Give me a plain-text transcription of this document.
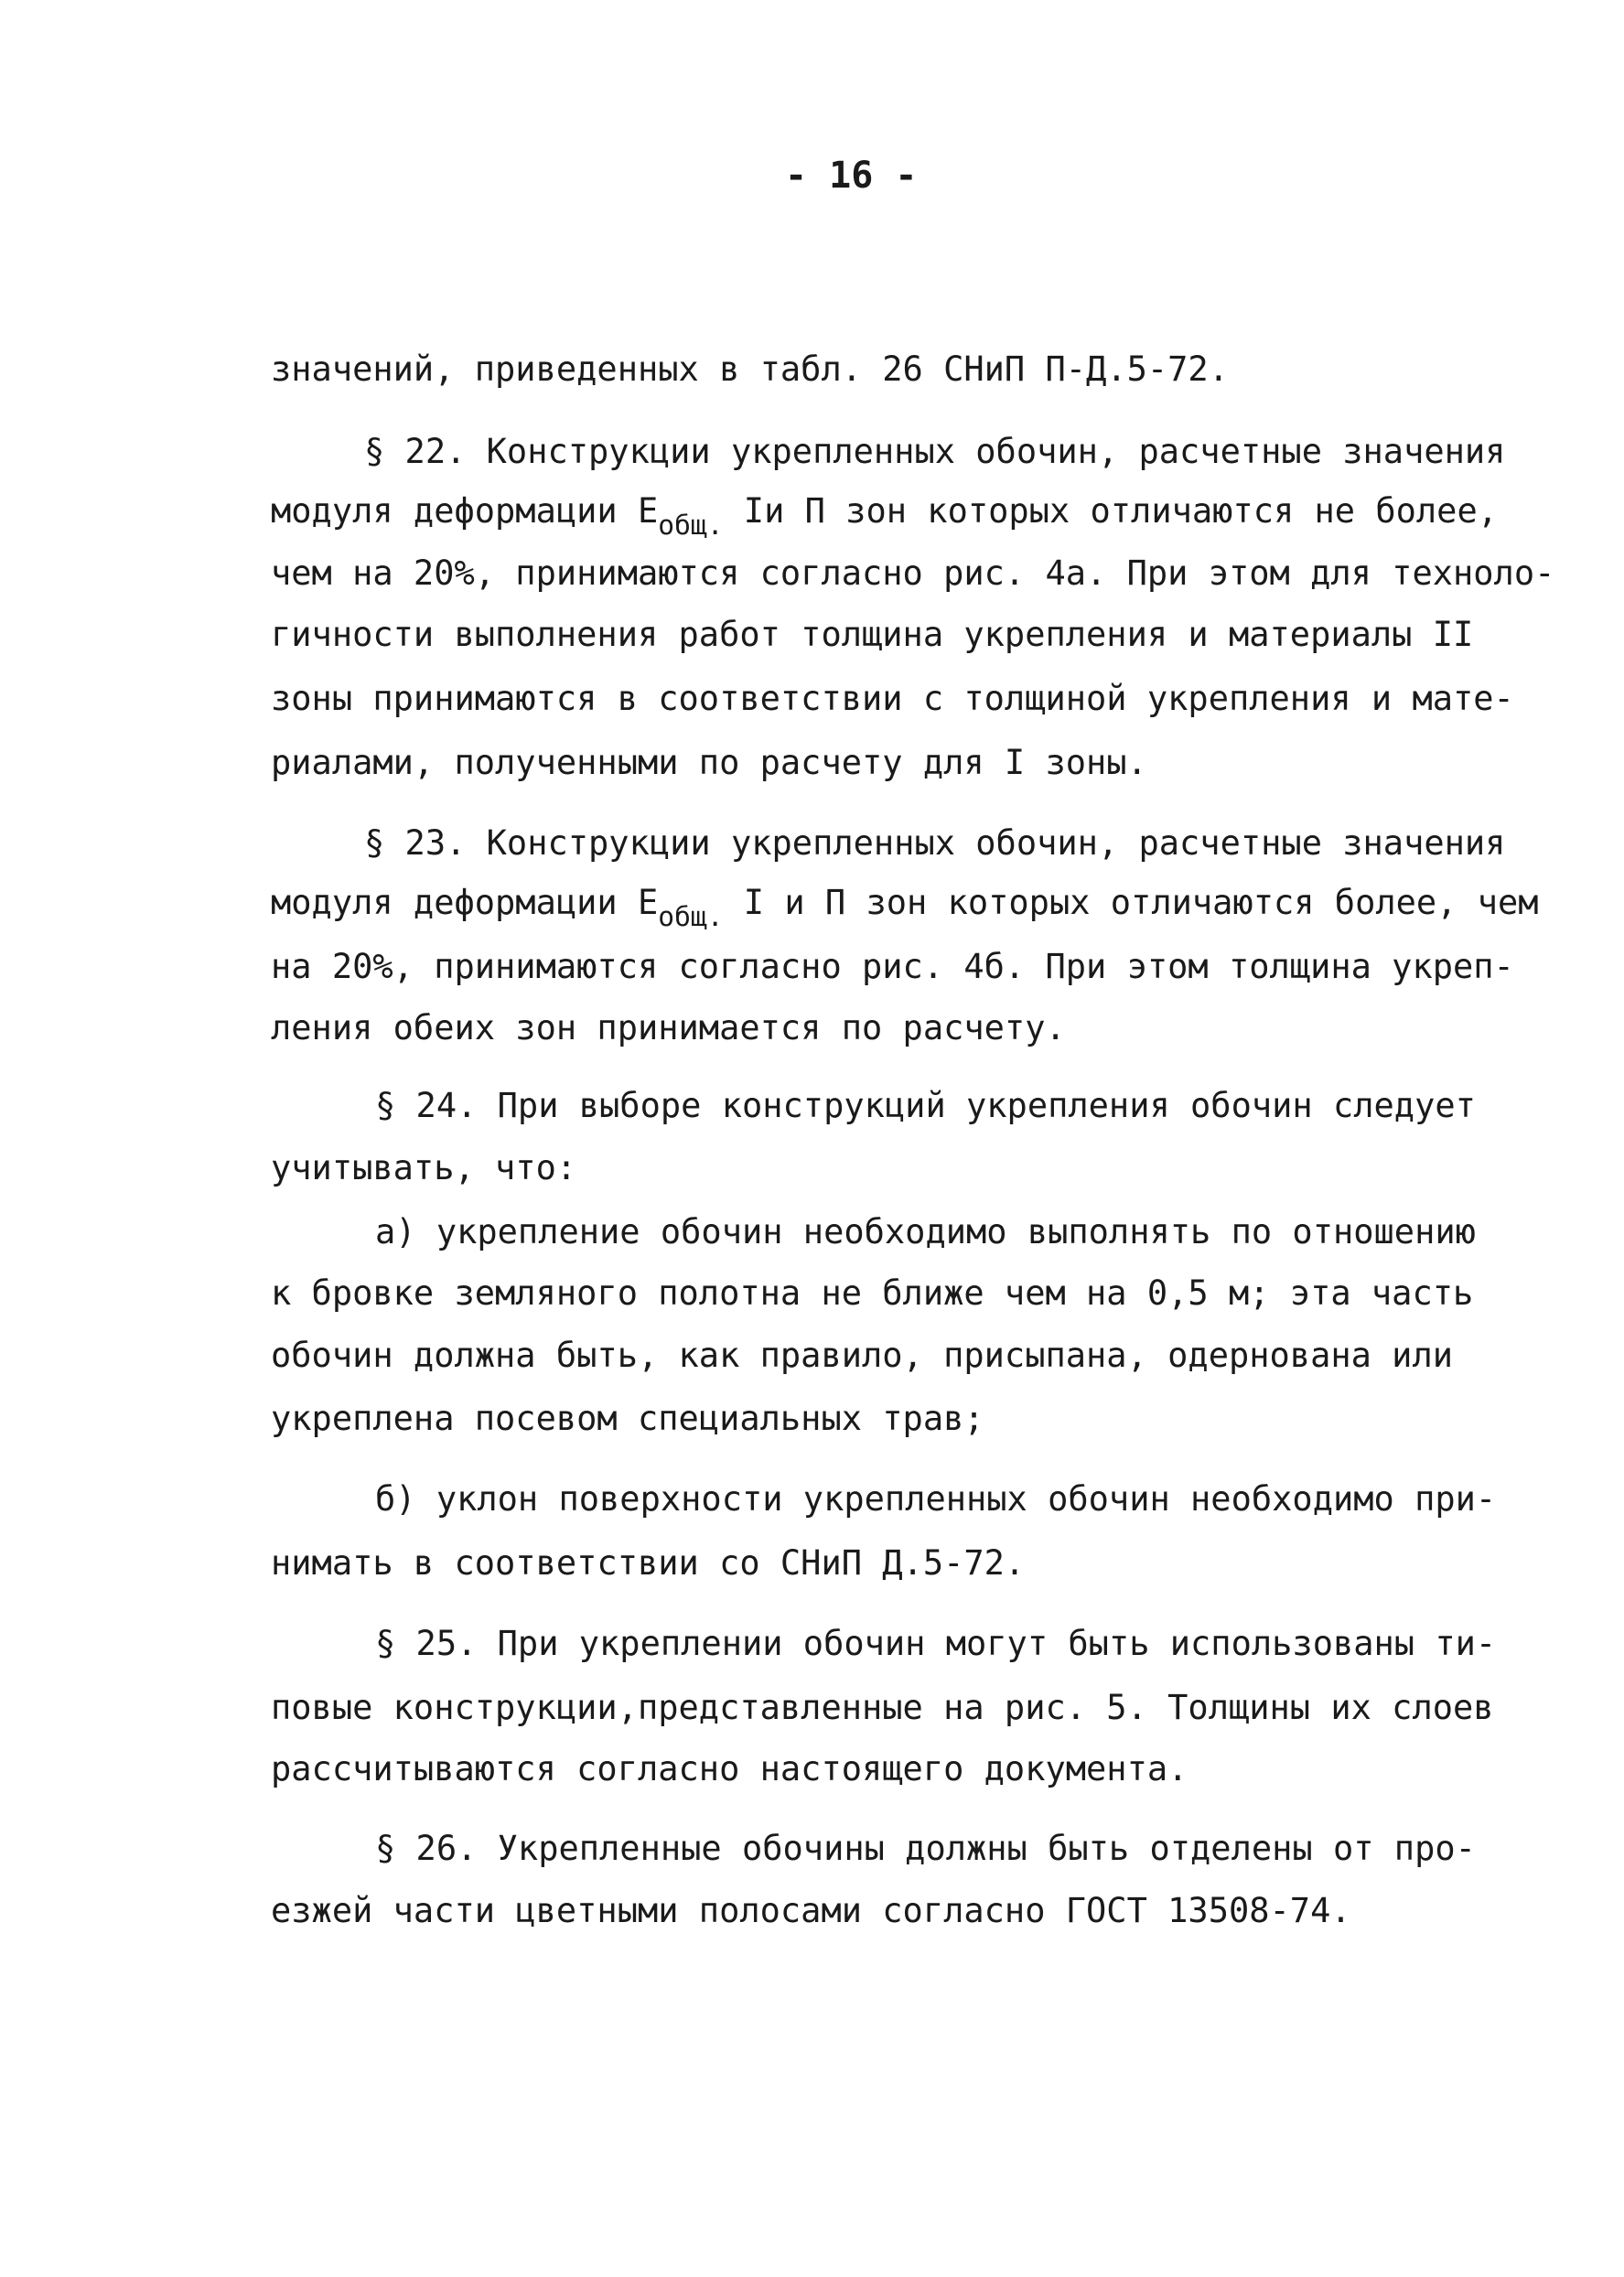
- 16 -
значений, приведенных в табл. 26 СНиП П-Д.5-72.
§ 22. Конструкции укрепленных обочин, расчетные значения
модуля деформации $E_{общ.}$ Iи П зон которых отличаются не более,
чем на 20%, принимаются согласно рис. 4а. При этом для техноло-
гичности выполнения работ толщина укрепления и материалы II
зоны принимаются в соответствии с толщиной укрепления и мате-
риалами, полученными по расчету для I зоны.
§ 23. Конструкции укрепленных обочин, расчетные значения
модуля деформации $E_{общ.}$ I и П зон которых отличаются более, чем
на 20%, принимаются согласно рис. 4б. При этом толщина укреп-
ления обеих зон принимается по расчету.
§ 24. При выборе конструкций укрепления обочин следует
учитывать, что:
а) укрепление обочин необходимо выполнять по отношению
к бровке земляного полотна не ближе чем на 0,5 м; эта часть
обочин должна быть, как правило, присыпана, одернована или
укреплена посевом специальных трав;
б) уклон поверхности укрепленных обочин необходимо при-
нимать в соответствии со СНиП Д.5-72.
§ 25. При укреплении обочин могут быть использованы ти-
повые конструкции,представленные на рис. 5. Толщины их слоев
рассчитываются согласно настоящего документа.
§ 26. Укрепленные обочины должны быть отделены от про-
езжей части цветными полосами согласно ГОСТ 13508-74.
